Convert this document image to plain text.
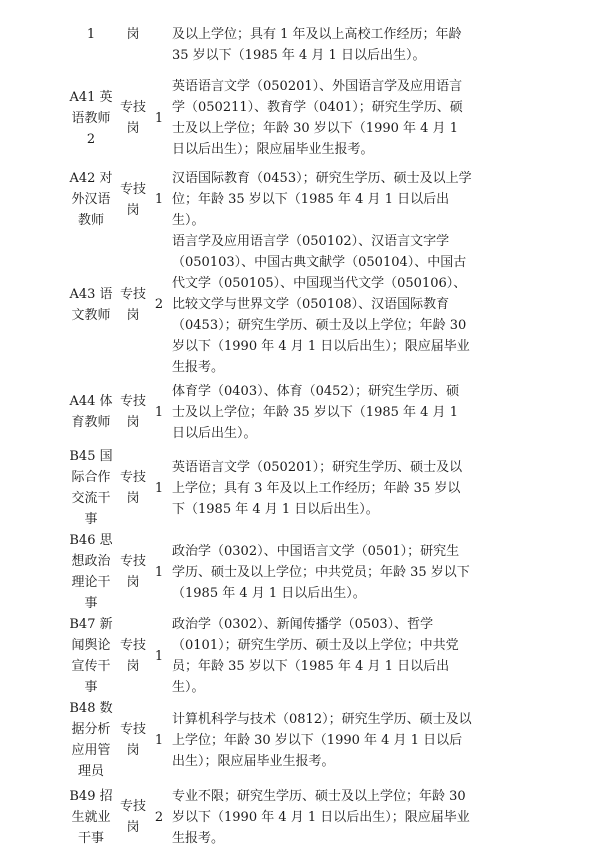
1	岗		及以上学位；具有 1 年及以上高校工作经历；年龄 35 岁以下（1985 年 4 月 1 日以后出生）。
A41 英语教师 2	专技岗	1	英语语言文学（050201）、外国语言学及应用语言学（050211）、教育学（0401）；研究生学历、硕士及以上学位；年龄 30 岁以下（1990 年 4 月 1 日以后出生）；限应届毕业生报考。
A42 对外汉语教师	专技岗	1	汉语国际教育（0453）；研究生学历、硕士及以上学位；年龄 35 岁以下（1985 年 4 月 1 日以后出生）。
A43 语文教师	专技岗	2	语言学及应用语言学（050102）、汉语言文字学（050103）、中国古典文献学（050104）、中国古代文学（050105）、中国现当代文学（050106）、比较文学与世界文学（050108）、汉语国际教育（0453）；研究生学历、硕士及以上学位；年龄 30 岁以下（1990 年 4 月 1 日以后出生）；限应届毕业生报考。
A44 体育教师	专技岗	1	体育学（0403）、体育（0452）；研究生学历、硕士及以上学位；年龄 35 岁以下（1985 年 4 月 1 日以后出生）。
B45 国际合作交流干事	专技岗	1	英语语言文学（050201）；研究生学历、硕士及以上学位；具有 3 年及以上工作经历；年龄 35 岁以下（1985 年 4 月 1 日以后出生）。
B46 思想政治理论干事	专技岗	1	政治学（0302）、中国语言文学（0501）；研究生学历、硕士及以上学位；中共党员；年龄 35 岁以下（1985 年 4 月 1 日以后出生）。
B47 新闻舆论宣传干事	专技岗	1	政治学（0302）、新闻传播学（0503）、哲学（0101）；研究生学历、硕士及以上学位；中共党员；年龄 35 岁以下（1985 年 4 月 1 日以后出生）。
B48 数据分析应用管理员	专技岗	1	计算机科学与技术（0812）；研究生学历、硕士及以上学位；年龄 30 岁以下（1990 年 4 月 1 日以后出生）；限应届毕业生报考。
B49 招生就业干事	专技岗	2	专业不限；研究生学历、硕士及以上学位；年龄 30 岁以下（1990 年 4 月 1 日以后出生）；限应届毕业生报考。
